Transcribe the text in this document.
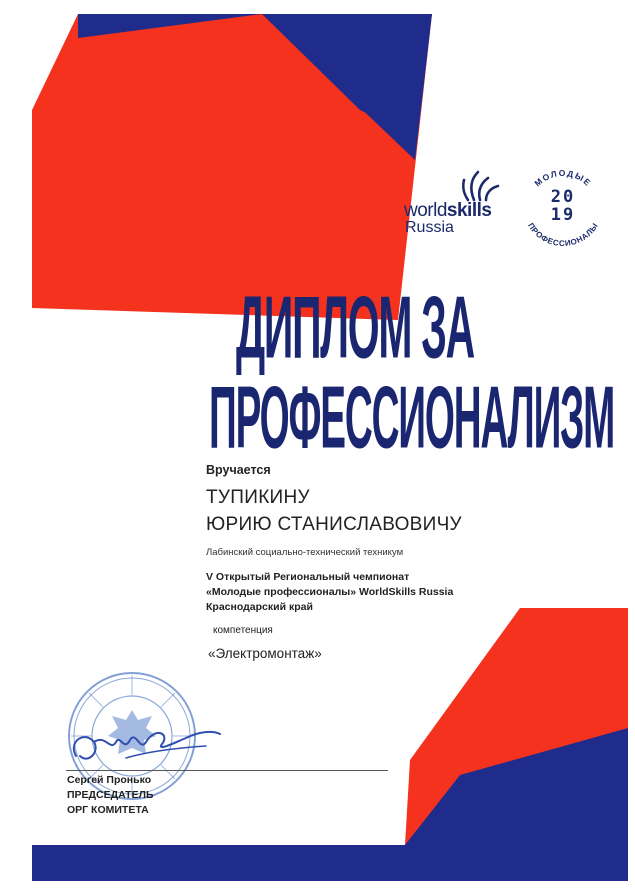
worldskills
Russia
МОЛОДЫЕ
ПРОФЕССИОНАЛЫ
20
19
ДИПЛОМ ЗА
ПРОФЕССИОНАЛИЗМ
Вручается
ТУПИКИНУ
ЮРИЮ СТАНИСЛАВОВИЧУ
Лабинский социально-технический техникум
V Открытый Региональный чемпионат
«Молодые профессионалы» WorldSkills Russia
Краснодарский край
компетенция
«Электромонтаж»
Сергей Пронько
ПРЕДСЕДАТЕЛЬ
ОРГ КОМИТЕТА
